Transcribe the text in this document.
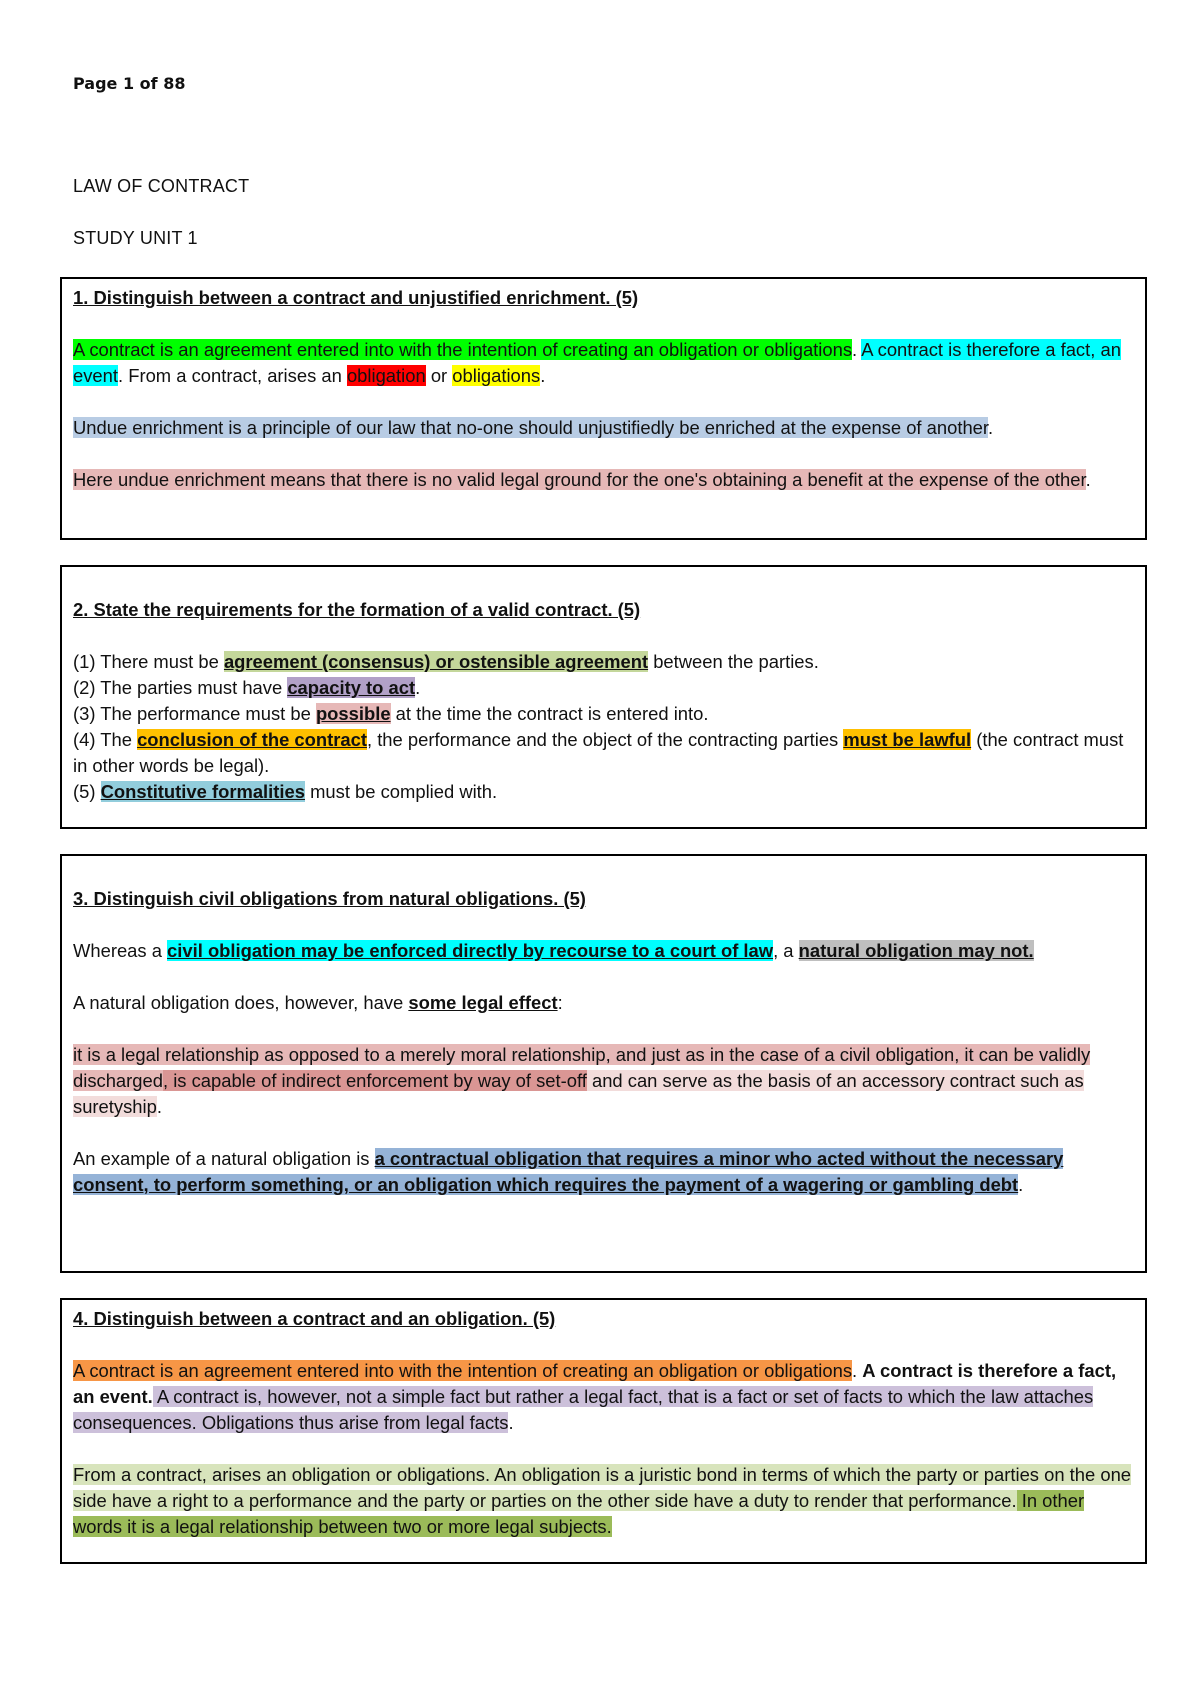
Page 1 of 88
LAW OF CONTRACT
STUDY UNIT 1

1. Distinguish between a contract and unjustified enrichment. (5)

A contract is an agreement entered into with the intention of creating an obligation or obligations. A contract is therefore a fact, an event. From a contract, arises an obligation or obligations.

Undue enrichment is a principle of our law that no-one should unjustifiedly be enriched at the expense of another.

Here undue enrichment means that there is no valid legal ground for the one's obtaining a benefit at the expense of the other.

2. State the requirements for the formation of a valid contract. (5)

(1) There must be agreement (consensus) or ostensible agreement between the parties.

(2) The parties must have capacity to act.

(3) The performance must be possible at the time the contract is entered into.

(4) The conclusion of the contract, the performance and the object of the contracting parties must be lawful (the contract must in other words be legal).

(5) Constitutive formalities must be complied with.

3. Distinguish civil obligations from natural obligations. (5)

Whereas a civil obligation may be enforced directly by recourse to a court of law, a natural obligation may not.

A natural obligation does, however, have some legal effect:

it is a legal relationship as opposed to a merely moral relationship, and just as in the case of a civil obligation, it can be validly discharged, is capable of indirect enforcement by way of set-off and can serve as the basis of an accessory contract such as suretyship.

An example of a natural obligation is a contractual obligation that requires a minor who acted without the necessary consent, to perform something, or an obligation which requires the payment of a wagering or gambling debt.

4. Distinguish between a contract and an obligation. (5)

A contract is an agreement entered into with the intention of creating an obligation or obligations. A contract is therefore a fact, an event. A contract is, however, not a simple fact but rather a legal fact, that is a fact or set of facts to which the law attaches consequences. Obligations thus arise from legal facts.

From a contract, arises an obligation or obligations. An obligation is a juristic bond in terms of which the party or parties on the one side have a right to a performance and the party or parties on the other side have a duty to render that performance. In other words it is a legal relationship between two or more legal subjects.
